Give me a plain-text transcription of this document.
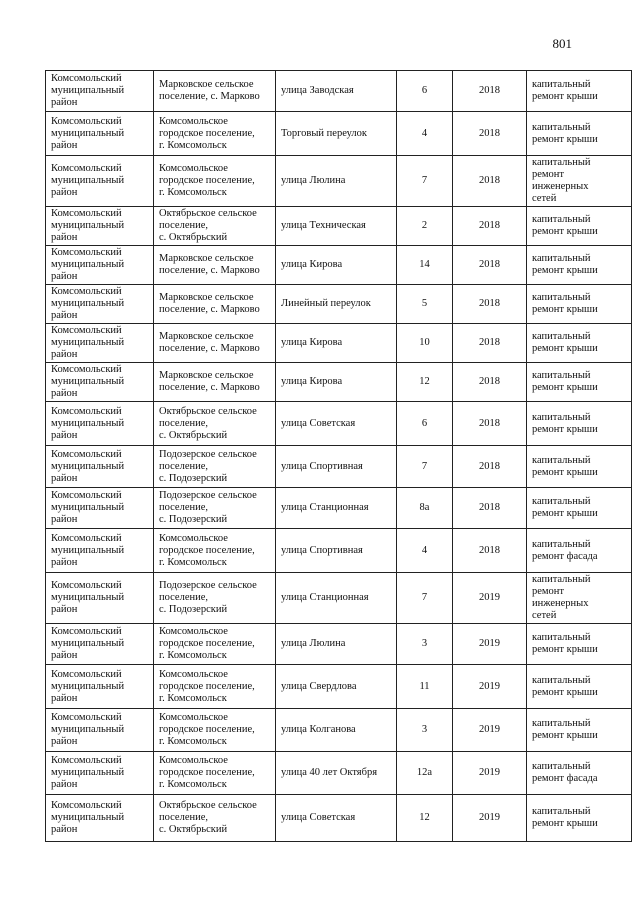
801
Комсомольский
муниципальный
район	Марковское сельское
поселение, с. Марково	улица Заводская	6	2018	капитальный
ремонт крыши

Комсомольский
муниципальный
район	Комсомольское
городское поселение,
г. Комсомольск	Торговый переулок	4	2018	капитальный
ремонт крыши

Комсомольский
муниципальный
район	Комсомольское
городское поселение,
г. Комсомольск	улица Люлина	7	2018	капитальный
ремонт
инженерных
сетей

Комсомольский
муниципальный
район	Октябрьское сельское
поселение,
с. Октябрьский	улица Техническая	2	2018	капитальный
ремонт крыши

Комсомольский
муниципальный
район	Марковское сельское
поселение, с. Марково	улица Кирова	14	2018	капитальный
ремонт крыши

Комсомольский
муниципальный
район	Марковское сельское
поселение, с. Марково	Линейный переулок	5	2018	капитальный
ремонт крыши

Комсомольский
муниципальный
район	Марковское сельское
поселение, с. Марково	улица Кирова	10	2018	капитальный
ремонт крыши

Комсомольский
муниципальный
район	Марковское сельское
поселение, с. Марково	улица Кирова	12	2018	капитальный
ремонт крыши

Комсомольский
муниципальный
район	Октябрьское сельское
поселение,
с. Октябрьский	улица Советская	6	2018	капитальный
ремонт крыши

Комсомольский
муниципальный
район	Подозерское сельское
поселение,
с. Подозерский	улица Спортивная	7	2018	капитальный
ремонт крыши

Комсомольский
муниципальный
район	Подозерское сельское
поселение,
с. Подозерский	улица Станционная	8а	2018	капитальный
ремонт крыши

Комсомольский
муниципальный
район	Комсомольское
городское поселение,
г. Комсомольск	улица Спортивная	4	2018	капитальный
ремонт фасада

Комсомольский
муниципальный
район	Подозерское сельское
поселение,
с. Подозерский	улица Станционная	7	2019	капитальный
ремонт
инженерных
сетей

Комсомольский
муниципальный
район	Комсомольское
городское поселение,
г. Комсомольск	улица Люлина	3	2019	капитальный
ремонт крыши

Комсомольский
муниципальный
район	Комсомольское
городское поселение,
г. Комсомольск	улица Свердлова	11	2019	капитальный
ремонт крыши

Комсомольский
муниципальный
район	Комсомольское
городское поселение,
г. Комсомольск	улица Колганова	3	2019	капитальный
ремонт крыши

Комсомольский
муниципальный
район	Комсомольское
городское поселение,
г. Комсомольск	улица 40 лет Октября	12а	2019	капитальный
ремонт фасада

Комсомольский
муниципальный
район	Октябрьское сельское
поселение,
с. Октябрьский	улица Советская	12	2019	капитальный
ремонт крыши
